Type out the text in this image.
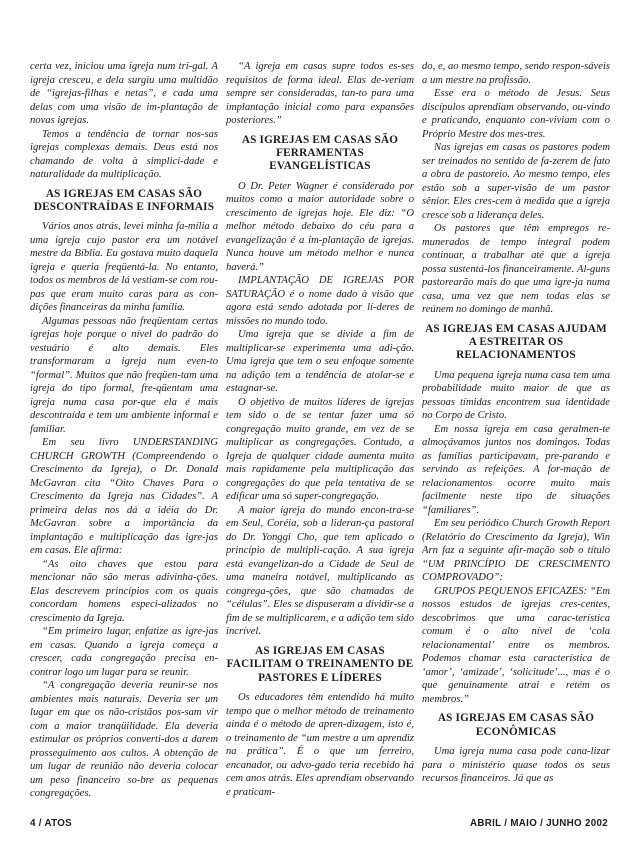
certa vez, iniciou uma igreja num tri-gal. A igreja cresceu, e dela surgiu uma multidão de “igrejas-filhas e netas”, e cada uma delas com uma visão de im-plantação de novas igrejas.

Temos a tendência de tornar nos-sas igrejas complexas demais. Deus está nos chamando de volta à simplici-dade e naturalidade da multiplicação.

AS IGREJAS EM CASAS SÃO DESCONTRAÍDAS E INFORMAIS

Vários anos atrás, levei minha fa-mília a uma igreja cujo pastor era um notável mestre da Bíblia. Eu gostava muito daquela igreja e queria freqüentá-la. No entanto, todos os membros de lá vestiam-se com rou-pas que eram muito caras para as con-dições financeiras da minha família.

Algumas pessoas não freqüentam certas igrejas hoje porque o nível do padrão do vestuário é alto demais. Eles transformaram a igreja num even-to “formal”. Muitos que não freqüen-tam uma igreja do tipo formal, fre-qüentam uma igreja numa casa por-que ela é mais descontraída e tem um ambiente informal e familiar.

Em seu livro UNDERSTANDING CHURCH GROWTH (Compreendendo o Crescimento da Igreja), o Dr. Donald McGavran cita “Oito Chaves Para o Crescimento da Igreja nas Cidades”. A primeira delas nos dá a idéia do Dr. McGavran sobre a importância da implantação e multiplicação das igre-jas em casas. Ele afirma:

“As oito chaves que estou para mencionar não são meras adivinha-ções. Elas descrevem princípios com os quais concordam homens especi-alizados no crescimento da Igreja.

“Em primeiro lugar, enfatize as igre-jas em casas. Quando a igreja começa a crescer, cada congregação precisa en-contrar logo um lugar para se reunir.

“A congregação deveria reunir-se nos ambientes mais naturais. Deveria ser um lugar em que os não-cristãos pos-sam vir com a maior tranqüilidade. Ela deveria estimular os próprios converti-dos a darem prosseguimento aos cultos. A obtenção de um lugar de reunião não deveria colocar um peso financeiro so-bre as pequenas congregações.

“A igreja em casas supre todos es-ses requisitos de forma ideal. Elas de-veriam sempre ser consideradas, tan-to para uma implantação inicial como para expansões posteriores.”

AS IGREJAS EM CASAS SÃO FERRAMENTAS EVANGELÍSTICAS

O Dr. Peter Wagner é considerado por muitos como a maior autoridade sobre o crescimento de igrejas hoje. Ele diz: “O melhor método debaixo do céu para a evangelização é a im-plantação de igrejas. Nunca houve um método melhor e nunca haverá.”

IMPLANTAÇÃO DE IGREJAS POR SATURAÇÃO é o nome dado à visão que agora está sendo adotada por lí-deres de missões no mundo todo.

Uma igreja que se divide a fim de multiplicar-se experimenta uma adi-ção. Uma igreja que tem o seu enfoque somente na adição tem a tendência de atolar-se e estagnar-se.

O objetivo de muitos líderes de igrejas tem sido o de se tentar fazer uma só congregação muito grande, em vez de se multiplicar as congregações. Contudo, a Igreja de qualquer cidade aumenta muito mais rapidamente pela multiplicação das congregações do que pela tentativa de se edificar uma só super-congregação.

A maior igreja do mundo encon-tra-se em Seul, Coréia, sob a lideran-ça pastoral do Dr. Yonggi Cho, que tem aplicado o princípio de multipli-cação. A sua igreja está evangelizan-do a Cidade de Seul de uma maneira notável, multiplicando as congrega-ções, que são chamadas de “células”. Eles se dispuseram a dividir-se a fim de se multiplicarem, e a adição tem sido incrível.

AS IGREJAS EM CASAS FACILITAM O TREINAMENTO DE PASTORES E LÍDERES

Os educadores têm entendido há muito tempo que o melhor método de treinamento ainda é o método de apren-dizagem, isto é, o treinamento de “um mestre a um aprendiz na prática”. É o que um ferreiro, encanador, ou advo-gado teria recebido há cem anos atrás. Eles aprendiam observando e praticam-

do, e, ao mesmo tempo, sendo respon-sáveis a um mestre na profissão.

Esse era o método de Jesus. Seus discípulos aprendiam observando, ou-vindo e praticando, enquanto con-viviam com o Próprio Mestre dos mes-tres.

Nas igrejas em casas os pastores podem ser treinados no sentido de fa-zerem de fato a obra de pastoreio. Ao mesmo tempo, eles estão sob a super-visão de um pastor sênior. Eles cres-cem à medida que a igreja cresce sob a liderança deles.

Os pastores que têm empregos re-munerados de tempo integral podem continuar, a trabalhar até que a igreja possa sustentá-los financeiramente. Al-guns pastorearão mais do que uma igre-ja numa casa, uma vez que nem todas elas se reúnem no domingo de manhã.

AS IGREJAS EM CASAS AJUDAM A ESTREITAR OS RELACIONAMENTOS

Uma pequena igreja numa casa tem uma probabilidade muito maior de que as pessoas tímidas encontrem sua identidade no Corpo de Cristo.

Em nossa igreja em casa geralmen-te almoçávamos juntos nos domingos. Todas as famílias participavam, pre-parando e servindo as refeições. A for-mação de relacionamentos ocorre muito mais facilmente neste tipo de situações “familiares”.

Em seu periódico Church Growth Report (Relatório do Crescimento da Igreja), Win Arn faz a seguinte afir-mação sob o título “UM PRINCÍPIO DE CRESCIMENTO COMPROVADO”:

GRUPOS PEQUENOS EFICAZES: “Em nossos estudos de igrejas cres-centes, descobrimos que uma carac-terística comum é o alto nível de ‘cola relacionamental’ entre os membros. Podemos chamar esta característica de ‘amor’, ‘amizade’, ‘solicitude’..., mas é o que genuinamente atrai e retém os membros.”

AS IGREJAS EM CASAS SÃO ECONÔMICAS

Uma igreja numa casa pode cana-lizar para o ministério quase todos os seus recursos financeiros. Já que as

4 / ATOS	ABRIL / MAIO / JUNHO 2002
